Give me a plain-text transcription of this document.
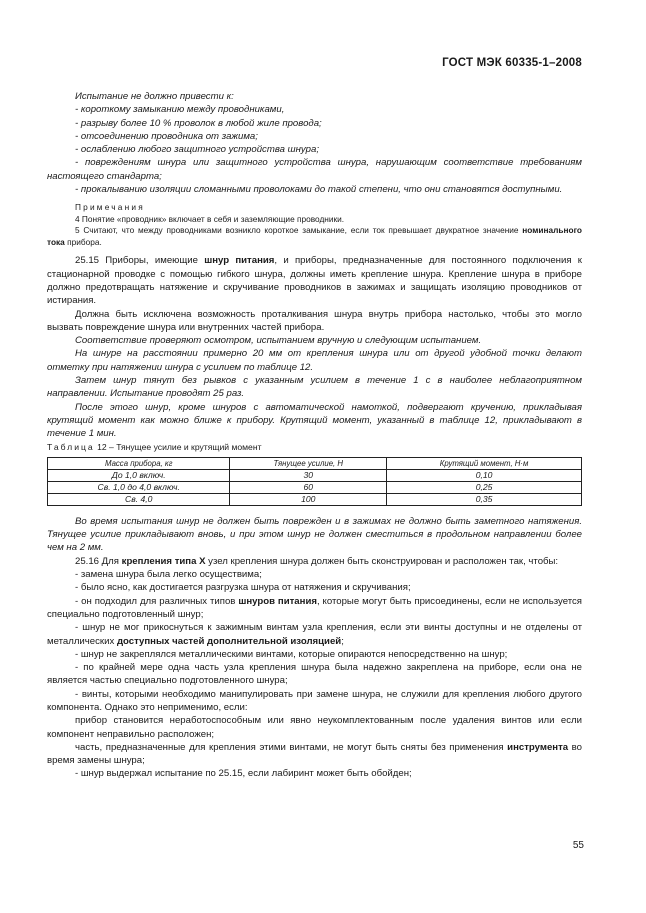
ГОСТ МЭК 60335-1–2008

Испытание не должно привести к:

- короткому замыканию между проводниками,

- разрыву более 10 % проволок в любой жиле провода;

- отсоединению проводника от зажима;

- ослаблению любого защитного устройства шнура;

- повреждениям шнура или защитного устройства шнура, нарушающим соответствие требованиям настоящего стандарта;

- прокалыванию изоляции сломанными проволоками до такой степени, что они становятся доступными.

Примечания

4 Понятие «проводник» включает в себя и заземляющие проводники.

5 Считают, что между проводниками возникло короткое замыкание, если ток превышает двукратное значение номинального тока прибора.

25.15 Приборы, имеющие шнур питания, и приборы, предназначенные для постоянного подключения к стационарной проводке с помощью гибкого шнура, должны иметь крепление шнура. Крепление шнура в приборе должно предотвращать натяжение и скручивание проводников в зажимах и защищать изоляцию проводников от истирания.

Должна быть исключена возможность проталкивания шнура внутрь прибора настолько, чтобы это могло вызвать повреждение шнура или внутренних частей прибора.

Соответствие проверяют осмотром, испытанием вручную и следующим испытанием.

На шнуре на расстоянии примерно 20 мм от крепления шнура или от другой удобной точки делают отметку при натяжении шнура с усилием по таблице 12.

Затем шнур тянут без рывков с указанным усилием в течение 1 с в наиболее неблагоприятном направлении. Испытание проводят 25 раз.

После этого шнур, кроме шнуров с автоматической намоткой, подвергают кручению, прикладывая крутящий момент как можно ближе к прибору. Крутящий момент, указанный в таблице 12, прикладывают в течение 1 мин.

Таблица 12 – Тянущее усилие и крутящий момент

Масса прибора, кг	Тянущее усилие, Н	Крутящий момент, Н·м
До 1,0 включ.	30	0,10
Св. 1,0 до 4,0 включ.	60	0,25
Св. 4,0	100	0,35

Во время испытания шнур не должен быть поврежден и в зажимах не должно быть заметного натяжения. Тянущее усилие прикладывают вновь, и при этом шнур не должен сместиться в продольном направлении более чем на 2 мм.

25.16 Для крепления типа X узел крепления шнура должен быть сконструирован и расположен так, чтобы:

- замена шнура была легко осуществима;

- было ясно, как достигается разгрузка шнура от натяжения и скручивания;

- он подходил для различных типов шнуров питания, которые могут быть присоединены, если не используется специально подготовленный шнур;

- шнур не мог прикоснуться к зажимным винтам узла крепления, если эти винты доступны и не отделены от металлических доступных частей дополнительной изоляцией;

- шнур не закреплялся металлическими винтами, которые опираются непосредственно на шнур;

- по крайней мере одна часть узла крепления шнура была надежно закреплена на приборе, если она не является частью специально подготовленного шнура;

- винты, которыми необходимо манипулировать при замене шнура, не служили для крепления любого другого компонента. Однако это неприменимо, если:

прибор становится неработоспособным или явно неукомплектованным после удаления винтов или если компонент неправильно расположен;

часть, предназначенные для крепления этими винтами, не могут быть сняты без применения инструмента во время замены шнура;

- шнур выдержал испытание по 25.15, если лабиринт может быть обойден;

55
